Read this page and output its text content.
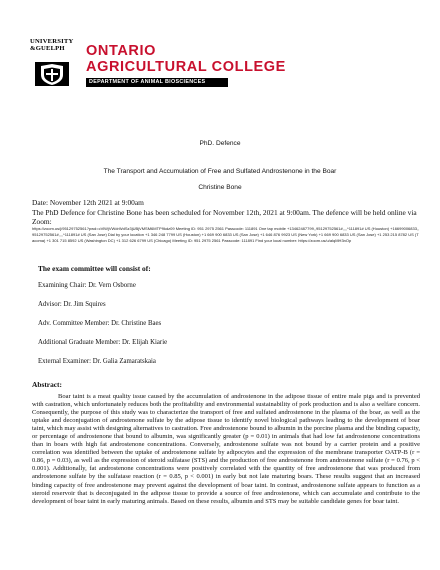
UNIVERSITY
&GUELPH	ONTARIO
AGRICULTURAL COLLEGE
DEPARTMENT OF ANIMAL BIOSCIENCES
PhD. Defence
The Transport and Accumulation of Free and Sulfated Androstenone in the Boar
Christine Bone
Date: November 12th 2021 at 9:00am
The PhD Defence for Christine Bone has been scheduled for November 12th, 2021 at 9:00am. The defence will be held online via Zoom:
https://zoom.us/j/95129752561?pwd=cVlWjVWdrWdSz3jUBjVMSM6MTP9kdz09 Meeting ID: 951 2975 2561 Passcode: 111891 One tap mobile +13462487799,,95129752561#,,,,*111891# US (Houston) +16699006833,,95129752561#,,,,*111891# US (San Jose) Dial by your location +1 346 248 7799 US (Houston) +1 669 900 6833 US (San Jose) +1 646 876 9923 US (New York) +1 669 900 6833 US (San Jose) +1 253 215 8782 US (Tacoma) +1 301 715 8592 US (Washington DC) +1 312 626 6799 US (Chicago) Meeting ID: 951 2975 2561 Passcode: 111891 Find your local number: https://zoom.us/u/alqMH3nOp
The exam committee will consist of:
Examining Chair: Dr. Vern Osborne
Advisor: Dr. Jim Squires
Adv. Committee Member: Dr. Christine Baes
Additional Graduate Member: Dr. Elijah Kiarie
External Examiner: Dr. Galia Zamaratskaia
Abstract:
Boar taint is a meat quality issue caused by the accumulation of androstenone in the adipose tissue of entire male pigs and is prevented with castration, which unfortunately reduces both the profitability and environmental sustainability of pork production and is also a welfare concern. Consequently, the purpose of this study was to characterize the transport of free and sulfated androstenone in the plasma of the boar, as well as the uptake and deconjugation of androstenone sulfate by the adipose tissue to identify novel biological pathways leading to the development of boar taint, which may assist with designing alternatives to castration. Free androstenone bound to albumin in the porcine plasma and the binding capacity, or percentage of androstenone that bound to albumin, was significantly greater (p = 0.01) in animals that had low fat androstenone concentrations than in boars with high fat androstenone concentrations. Conversely, androstenone sulfate was not bound by a carrier protein and a positive correlation was identified between the uptake of androstenone sulfate by adipocytes and the expression of the membrane transporter OATP-B (r = 0.86, p = 0.03), as well as the expression of steroid sulfatase (STS) and the production of free androstenone from androstenone sulfate (r = 0.76, p < 0.001). Additionally, fat androstenone concentrations were positively correlated with the quantity of free androstenone that was produced from androstenone sulfate by the sulfatase reaction (r = 0.85, p < 0.001) in early but not late maturing boars. These results suggest that an increased binding capacity of free androstenone may prevent against the development of boar taint. In contrast, androstenone sulfate appears to function as a steroid reservoir that is deconjugated in the adipose tissue to provide a source of free androstenone, which can accumulate and contribute to the development of boar taint in early maturing animals. Based on these results, albumin and STS may be suitable candidate genes for boar taint.
